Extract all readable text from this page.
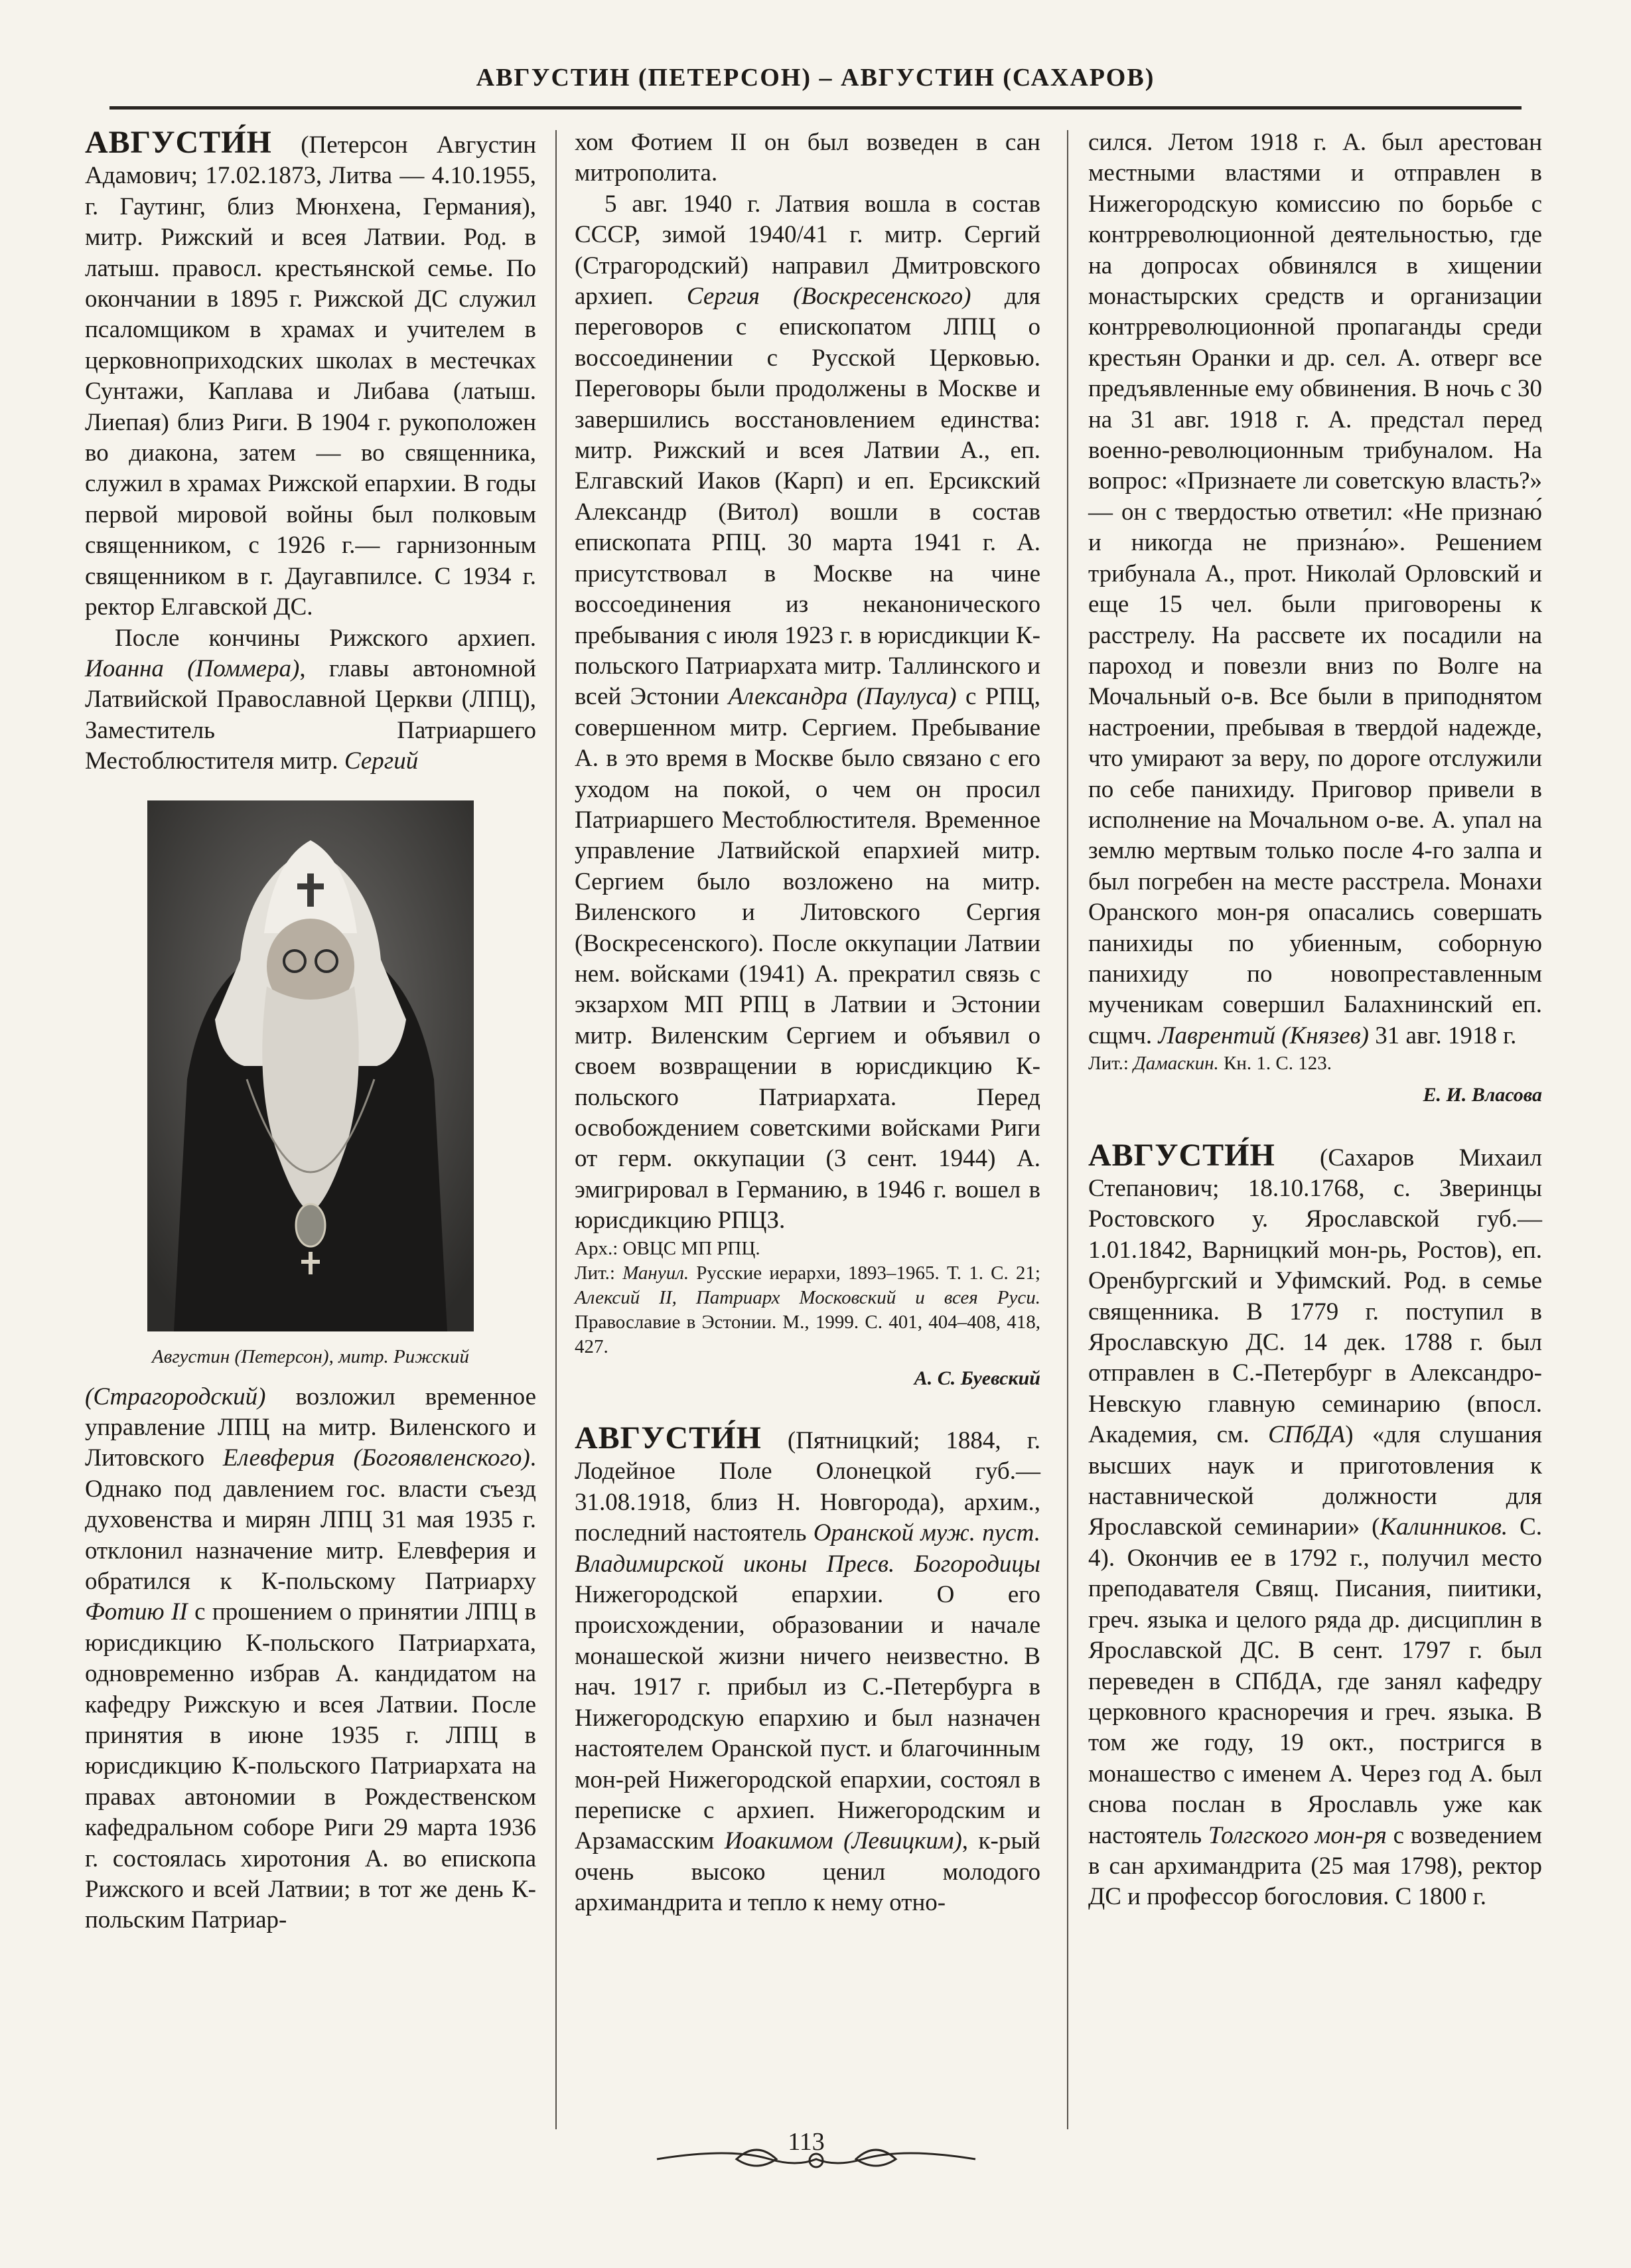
АВГУСТИН (ПЕТЕРСОН) – АВГУСТИН (САХАРОВ)

АВГУСТИ́Н (Петерсон Августин Адамович; 17.02.1873, Литва — 4.10.1955, г. Гаутинг, близ Мюнхена, Германия), митр. Рижский и всея Латвии. Род. в латыш. правосл. крестьянской семье. По окончании в 1895 г. Рижской ДС служил псаломщиком в храмах и учителем в церковноприходских школах в местечках Сунтажи, Каплава и Либава (латыш. Лиепая) близ Риги. В 1904 г. рукоположен во диакона, затем — во священника, служил в храмах Рижской епархии. В годы первой мировой войны был полковым священником, с 1926 г.— гарнизонным священником в г. Даугавпилсе. С 1934 г. ректор Елгавской ДС.

После кончины Рижского архиеп. Иоанна (Поммера), главы автономной Латвийской Православной Церкви (ЛПЦ), Заместитель Патриаршего Местоблюстителя митр. Сергий

Августин (Петерсон), митр. Рижский

(Страгородский) возложил временное управление ЛПЦ на митр. Виленского и Литовского Елевферия (Богоявленского). Однако под давлением гос. власти съезд духовенства и мирян ЛПЦ 31 мая 1935 г. отклонил назначение митр. Елевферия и обратился к К-польскому Патриарху Фотию II с прошением о принятии ЛПЦ в юрисдикцию К-польского Патриархата, одновременно избрав А. кандидатом на кафедру Рижскую и всея Латвии. После принятия в июне 1935 г. ЛПЦ в юрисдикцию К-польского Патриархата на правах автономии в Рождественском кафедральном соборе Риги 29 марта 1936 г. состоялась хиротония А. во епископа Рижского и всей Латвии; в тот же день К-польским Патриар-

хом Фотием II он был возведен в сан митрополита.

5 авг. 1940 г. Латвия вошла в состав СССР, зимой 1940/41 г. митр. Сергий (Страгородский) направил Дмитровского архиеп. Сергия (Воскресенского) для переговоров с епископатом ЛПЦ о воссоединении с Русской Церковью. Переговоры были продолжены в Москве и завершились восстановлением единства: митр. Рижский и всея Латвии А., еп. Елгавский Иаков (Карп) и еп. Ерсикский Александр (Витол) вошли в состав епископата РПЦ. 30 марта 1941 г. А. присутствовал в Москве на чине воссоединения из неканонического пребывания с июля 1923 г. в юрисдикции К-польского Патриархата митр. Таллинского и всей Эстонии Александра (Паулуса) с РПЦ, совершенном митр. Сергием. Пребывание А. в это время в Москве было связано с его уходом на покой, о чем он просил Патриаршего Местоблюстителя. Временное управление Латвийской епархией митр. Сергием было возложено на митр. Виленского и Литовского Сергия (Воскресенского). После оккупации Латвии нем. войсками (1941) А. прекратил связь с экзархом МП РПЦ в Латвии и Эстонии митр. Виленским Сергием и объявил о своем возвращении в юрисдикцию К-польского Патриархата. Перед освобождением советскими войсками Риги от герм. оккупации (3 сент. 1944) А. эмигрировал в Германию, в 1946 г. вошел в юрисдикцию РПЦЗ.

Арх.: ОВЦС МП РПЦ.

Лит.: Мануил. Русские иерархи, 1893–1965. Т. 1. С. 21; Алексий II, Патриарх Московский и всея Руси. Православие в Эстонии. М., 1999. С. 401, 404–408, 418, 427.

А. С. Буевский

АВГУСТИ́Н (Пятницкий; 1884, г. Лодейное Поле Олонецкой губ.— 31.08.1918, близ Н. Новгорода), архим., последний настоятель Оранской муж. пуст. Владимирской иконы Пресв. Богородицы Нижегородской епархии. О его происхождении, образовании и начале монашеской жизни ничего неизвестно. В нач. 1917 г. прибыл из С.-Петербурга в Нижегородскую епархию и был назначен настоятелем Оранской пуст. и благочинным мон-рей Нижегородской епархии, состоял в переписке с архиеп. Нижегородским и Арзамасским Иоакимом (Левицким), к-рый очень высоко ценил молодого архимандрита и тепло к нему отно-

сился. Летом 1918 г. А. был арестован местными властями и отправлен в Нижегородскую комиссию по борьбе с контрреволюционной деятельностью, где на допросах обвинялся в хищении монастырских средств и организации контрреволюционной пропаганды среди крестьян Оранки и др. сел. А. отверг все предъявленные ему обвинения. В ночь с 30 на 31 авг. 1918 г. А. предстал перед военно-революционным трибуналом. На вопрос: «Признаете ли советскую власть?» — он с твердостью ответил: «Не признаю́ и никогда не призна́ю». Решением трибунала А., прот. Николай Орловский и еще 15 чел. были приговорены к расстрелу. На рассвете их посадили на пароход и повезли вниз по Волге на Мочальный о-в. Все были в приподнятом настроении, пребывая в твердой надежде, что умирают за веру, по дороге отслужили по себе панихиду. Приговор привели в исполнение на Мочальном о-ве. А. упал на землю мертвым только после 4-го залпа и был погребен на месте расстрела. Монахи Оранского мон-ря опасались совершать панихиды по убиенным, соборную панихиду по новопреставленным мученикам совершил Балахнинский еп. сщмч. Лаврентий (Князев) 31 авг. 1918 г.

Лит.: Дамаскин. Кн. 1. С. 123.

Е. И. Власова

АВГУСТИ́Н (Сахаров Михаил Степанович; 18.10.1768, с. Зверинцы Ростовского у. Ярославской губ.— 1.01.1842, Варницкий мон-рь, Ростов), еп. Оренбургский и Уфимский. Род. в семье священника. В 1779 г. поступил в Ярославскую ДС. 14 дек. 1788 г. был отправлен в С.-Петербург в Александро-Невскую главную семинарию (впосл. Академия, см. СПбДА) «для слушания высших наук и приготовления к наставнической должности для Ярославской семинарии» (Калинников. С. 4). Окончив ее в 1792 г., получил место преподавателя Свящ. Писания, пиитики, греч. языка и целого ряда др. дисциплин в Ярославской ДС. В сент. 1797 г. был переведен в СПбДА, где занял кафедру церковного красноречия и греч. языка. В том же году, 19 окт., постригся в монашество с именем А. Через год А. был снова послан в Ярославль уже как настоятель Толгского мон-ря с возведением в сан архимандрита (25 мая 1798), ректор ДС и профессор богословия. С 1800 г.

113
